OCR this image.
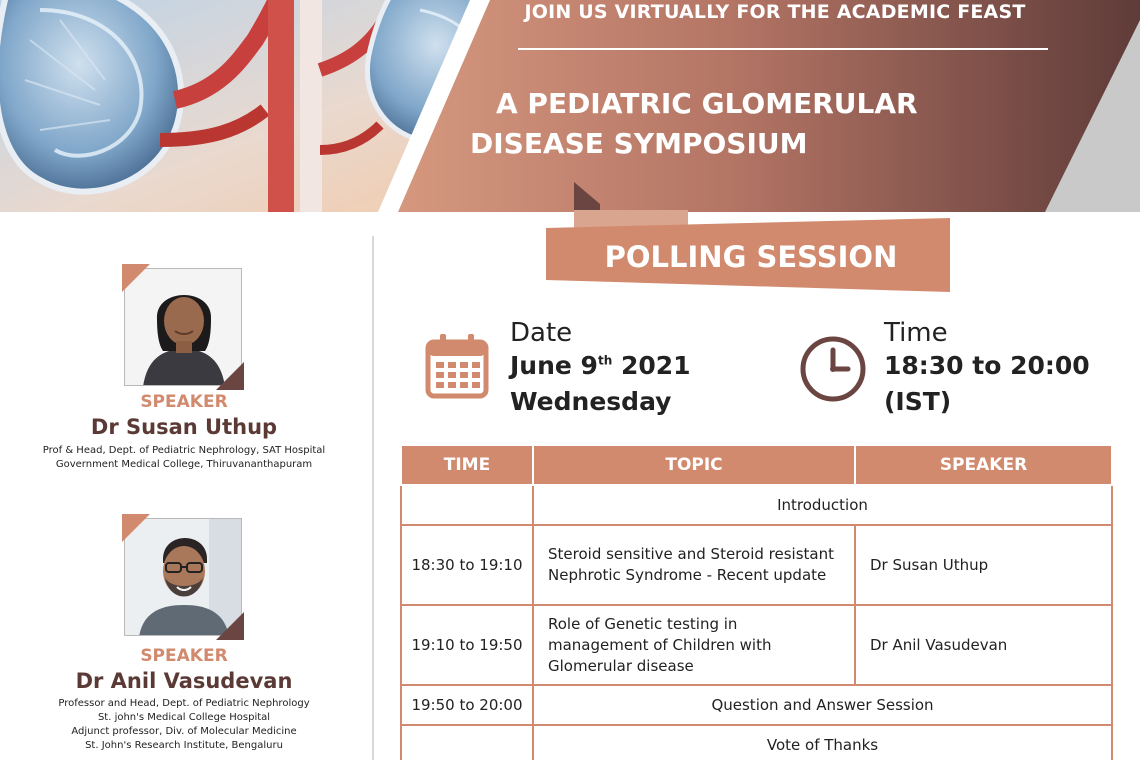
JOIN US VIRTUALLY FOR THE ACADEMIC FEAST
A PEDIATRIC GLOMERULAR
DISEASE SYMPOSIUM
POLLING SESSION
SPEAKER
Dr Susan Uthup
Prof & Head, Dept. of Pediatric Nephrology, SAT Hospital
Government Medical College, Thiruvananthapuram
SPEAKER
Dr Anil Vasudevan
Professor and Head, Dept. of Pediatric Nephrology
St. john's Medical College Hospital
Adjunct professor, Div. of Molecular Medicine
St. John's Research Institute, Bengaluru
Date
June 9th 2021
Wednesday
Time
18:30 to 20:00
(IST)
TIME	TOPIC	SPEAKER
	Introduction	
18:30 to 19:10	Steroid sensitive and Steroid resistant Nephrotic Syndrome - Recent update	Dr Susan Uthup
19:10 to 19:50	Role of Genetic testing in management of Children with Glomerular disease	Dr Anil Vasudevan
19:50 to 20:00	Question and Answer Session	
	Vote of Thanks	
